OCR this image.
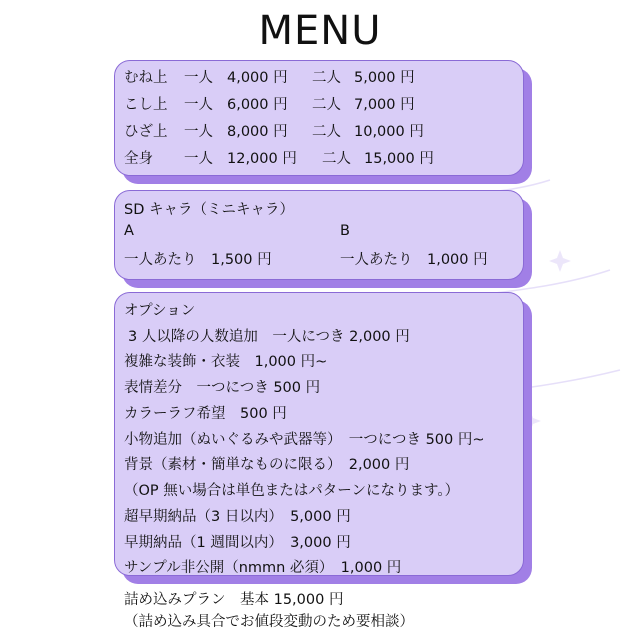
MENU
むね上 一人 4,000 円 二人 5,000 円
こし上 一人 6,000 円 二人 7,000 円
ひざ上 一人 8,000 円 二人 10,000 円
全身 一人 12,000 円 二人 15,000 円
SD キャラ（ミニキャラ）
A	B
一人あたり　1,500 円	一人あたり　1,000 円
オプション
3 人以降の人数追加　一人につき 2,000 円
複雑な装飾・衣装　1,000 円~
表情差分　一つにつき 500 円
カラーラフ希望　500 円
小物追加（ぬいぐるみや武器等）　一つにつき 500 円~
背景（素材・簡単なものに限る）　2,000 円
（OP 無い場合は単色またはパターンになります。）
超早期納品（3 日以内）　5,000 円
早期納品（1 週間以内）　3,000 円
サンプル非公開（nmmn 必須）　1,000 円
詰め込みプラン　基本 15,000 円
（詰め込み具合でお値段変動のため要相談）
